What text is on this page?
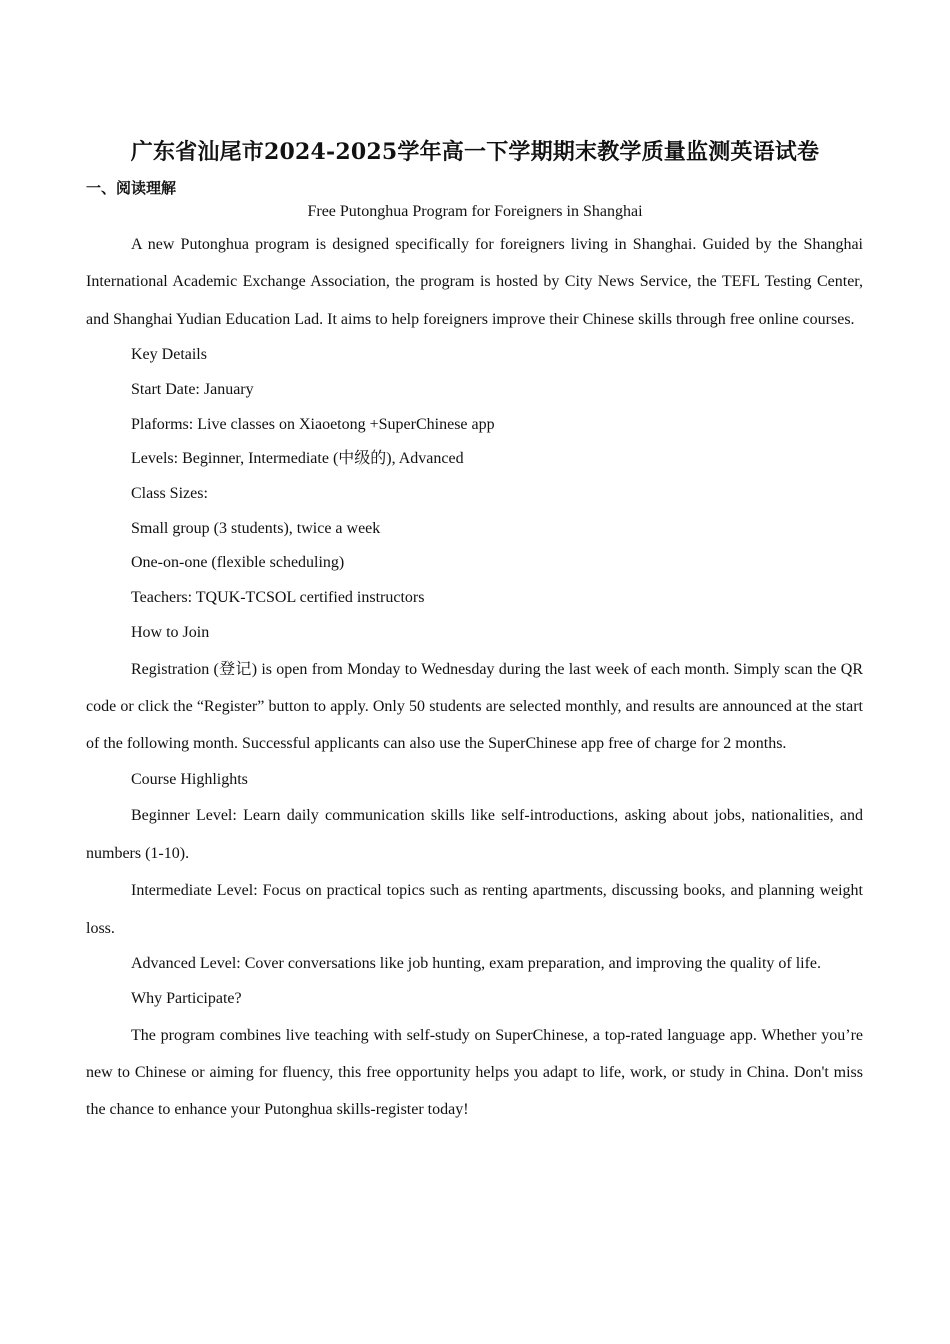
广东省汕尾市2024-2025学年高一下学期期末教学质量监测英语试卷
一、阅读理解
Free Putonghua Program for Foreigners in Shanghai

A new Putonghua program is designed specifically for foreigners living in Shanghai. Guided by the Shanghai International Academic Exchange Association, the program is hosted by City News Service, the TEFL Testing Center, and Shanghai Yudian Education Lad. It aims to help foreigners improve their Chinese skills through free online courses.

Key Details

Start Date: January

Plaforms: Live classes on Xiaoetong +SuperChinese app

Levels: Beginner, Intermediate (中级的), Advanced

Class Sizes:

Small group (3 students), twice a week

One-on-one (flexible scheduling)

Teachers: TQUK-TCSOL certified instructors

How to Join

Registration (登记) is open from Monday to Wednesday during the last week of each month. Simply scan the QR code or click the “Register” button to apply. Only 50 students are selected monthly, and results are announced at the start of the following month. Successful applicants can also use the SuperChinese app free of charge for 2 months.

Course Highlights

Beginner Level: Learn daily communication skills like self-introductions, asking about jobs, nationalities, and numbers (1-10).

Intermediate Level: Focus on practical topics such as renting apartments, discussing books, and planning weight loss.

Advanced Level: Cover conversations like job hunting, exam preparation, and improving the quality of life.

Why Participate?

The program combines live teaching with self-study on SuperChinese, a top-rated language app. Whether you’re new to Chinese or aiming for fluency, this free opportunity helps you adapt to life, work, or study in China. Don't miss the chance to enhance your Putonghua skills-register today!
